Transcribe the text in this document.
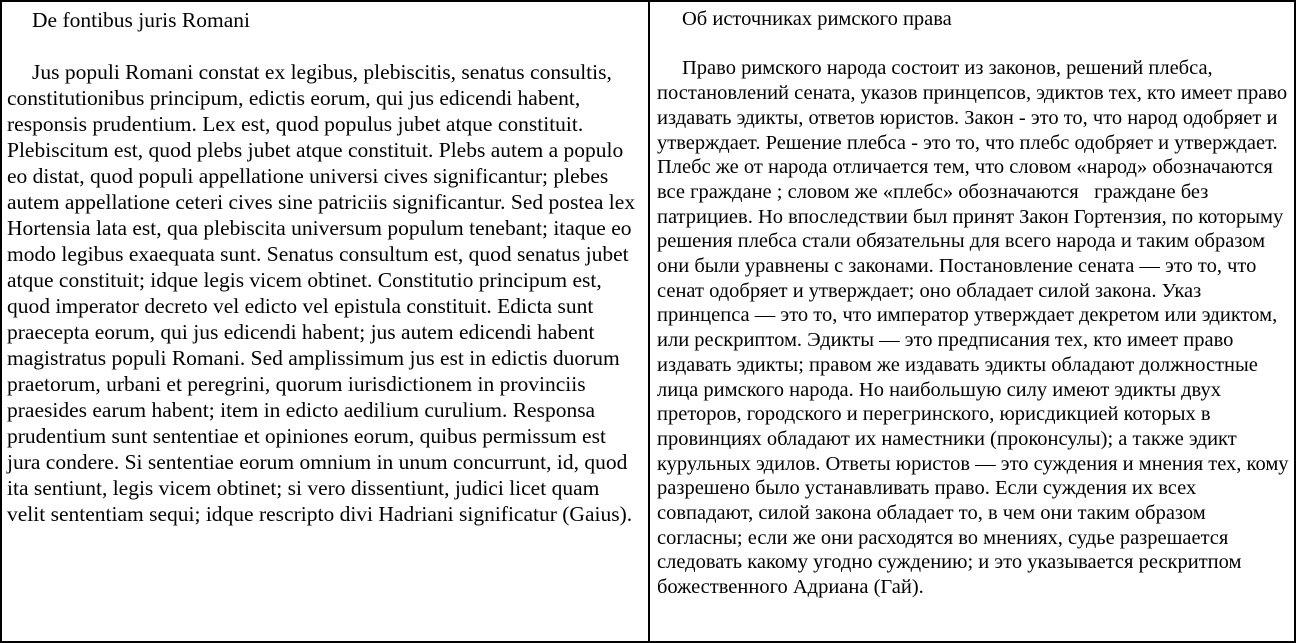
De fontibus juris Romani
Jus populi Romani constat ex legibus, plebiscitis, senatus consultis, constitutionibus principum, edictis eorum, qui jus edicendi habent, responsis prudentium. Lex est, quod populus jubet atque constituit. Plebiscitum est, quod plebs jubet atque constituit. Plebs autem a populo eo distat, quod populi appellatione universi cives significantur; plebes autem appellatione ceteri cives sine patriciis significantur. Sed postea lex Hortensia lata est, qua plebiscita universum populum tenebant; itaque eo modo legibus exaequata sunt. Senatus consultum est, quod senatus jubet atque constituit; idque legis vicem obtinet. Constitutio principum est, quod imperator decreto vel edicto vel epistula constituit. Edicta sunt praecepta eorum, qui jus edicendi habent; jus autem edicendi habent magistratus populi Romani. Sed amplissimum jus est in edictis duorum praetorum, urbani et peregrini, quorum iurisdictionem in provinciis praesides earum habent; item in edicto aedilium curulium. Responsa prudentium sunt sententiae et opiniones eorum, quibus permissum est jura condere. Si sententiae eorum omnium in unum concurrunt, id, quod ita sentiunt, legis vicem obtinet; si vero dissentiunt, judici licet quam velit sententiam sequi; idque rescripto divi Hadriani significatur (Gaius).
Об источниках римского права
Право римского народа состоит из законов, решений плебса, постановлений сената, указов принцепсов, эдиктов тех, кто имеет право издавать эдикты, ответов юристов. Закон - это то, что народ одобряет и утверждает. Решение плебса - это то, что плебс одобряет и утверждает. Плебс же от народа отличается тем, что словом «народ» обозначаются все граждане ; словом же «плебс» обозначаются   граждане без патрициев. Но впоследствии был принят Закон Гортензия, по которыму решения плебса стали обязательны для всего народа и таким образом они были уравнены с законами. Постановление сената — это то, что сенат одобряет и утверждает; оно обладает силой закона. Указ принцепса — это то, что император утверждает декретом или эдиктом, или рескриптом. Эдикты — это предписания тех, кто имеет право издавать эдикты; правом же издавать эдикты обладают должностные лица римского народа. Но наибольшую силу имеют эдикты двух преторов, городского и перегринского, юрисдикцией которых в провинциях обладают их наместники (проконсулы); а также эдикт курульных эдилов. Ответы юристов — это суждения и мнения тех, кому разрешено было устанавливать право. Если суждения их всех совпадают, силой закона обладает то, в чем они таким образом согласны; если же они расходятся во мнениях, судье разрешается следовать какому угодно суждению; и это указывается рескритпом божественного Адриана (Гай).
